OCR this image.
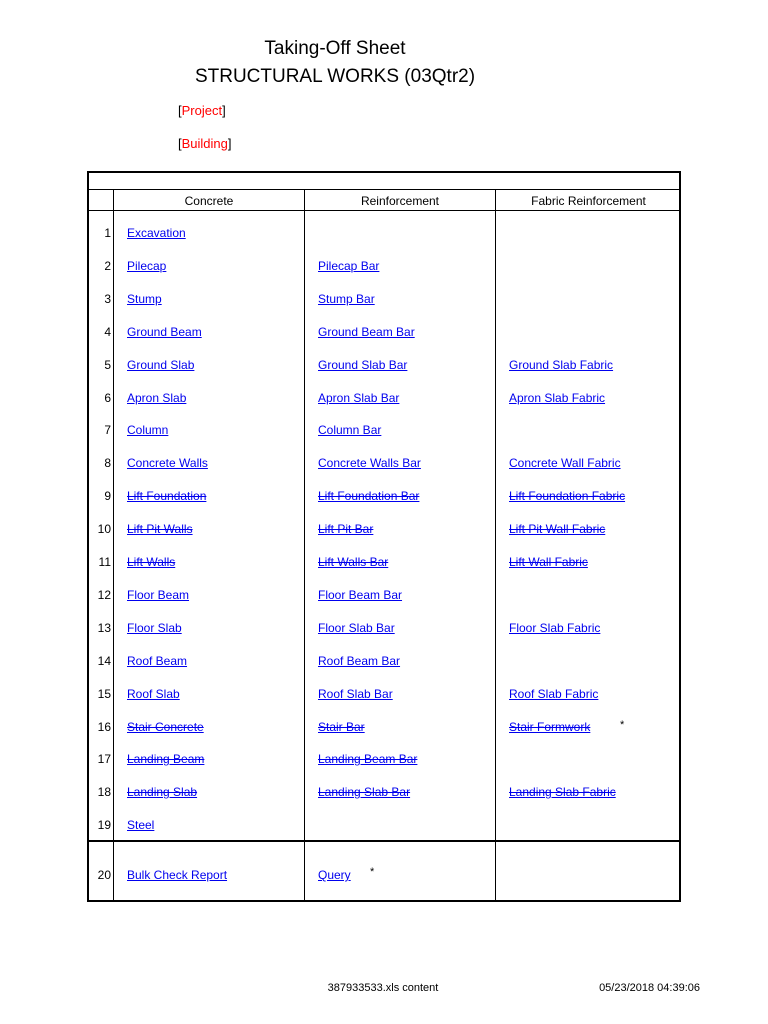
Taking-Off Sheet
STRUCTURAL WORKS (03Qtr2)
[Project]
[Building]
Concrete	Reinforcement	Fabric Reinforcement
1 Excavation
2 Pilecap	Pilecap Bar
3 Stump	Stump Bar
4 Ground Beam	Ground Beam Bar
5 Ground Slab	Ground Slab Bar	Ground Slab Fabric
6 Apron Slab	Apron Slab Bar	Apron Slab Fabric
7 Column	Column Bar
8 Concrete Walls	Concrete Walls Bar	Concrete Wall Fabric
9 Lift Foundation	Lift Foundation Bar	Lift Foundation Fabric
10 Lift Pit Walls	Lift Pit Bar	Lift Pit Wall Fabric
11 Lift Walls	Lift Walls Bar	Lift Wall Fabric
12 Floor Beam	Floor Beam Bar
13 Floor Slab	Floor Slab Bar	Floor Slab Fabric
14 Roof Beam	Roof Beam Bar
15 Roof Slab	Roof Slab Bar	Roof Slab Fabric
16 Stair Concrete	Stair Bar	Stair Formwork	*
17 Landing Beam	Landing Beam Bar
18 Landing Slab	Landing Slab Bar	Landing Slab Fabric
19 Steel
20 Bulk Check Report	Query *
387933533.xls content	05/23/2018 04:39:06
